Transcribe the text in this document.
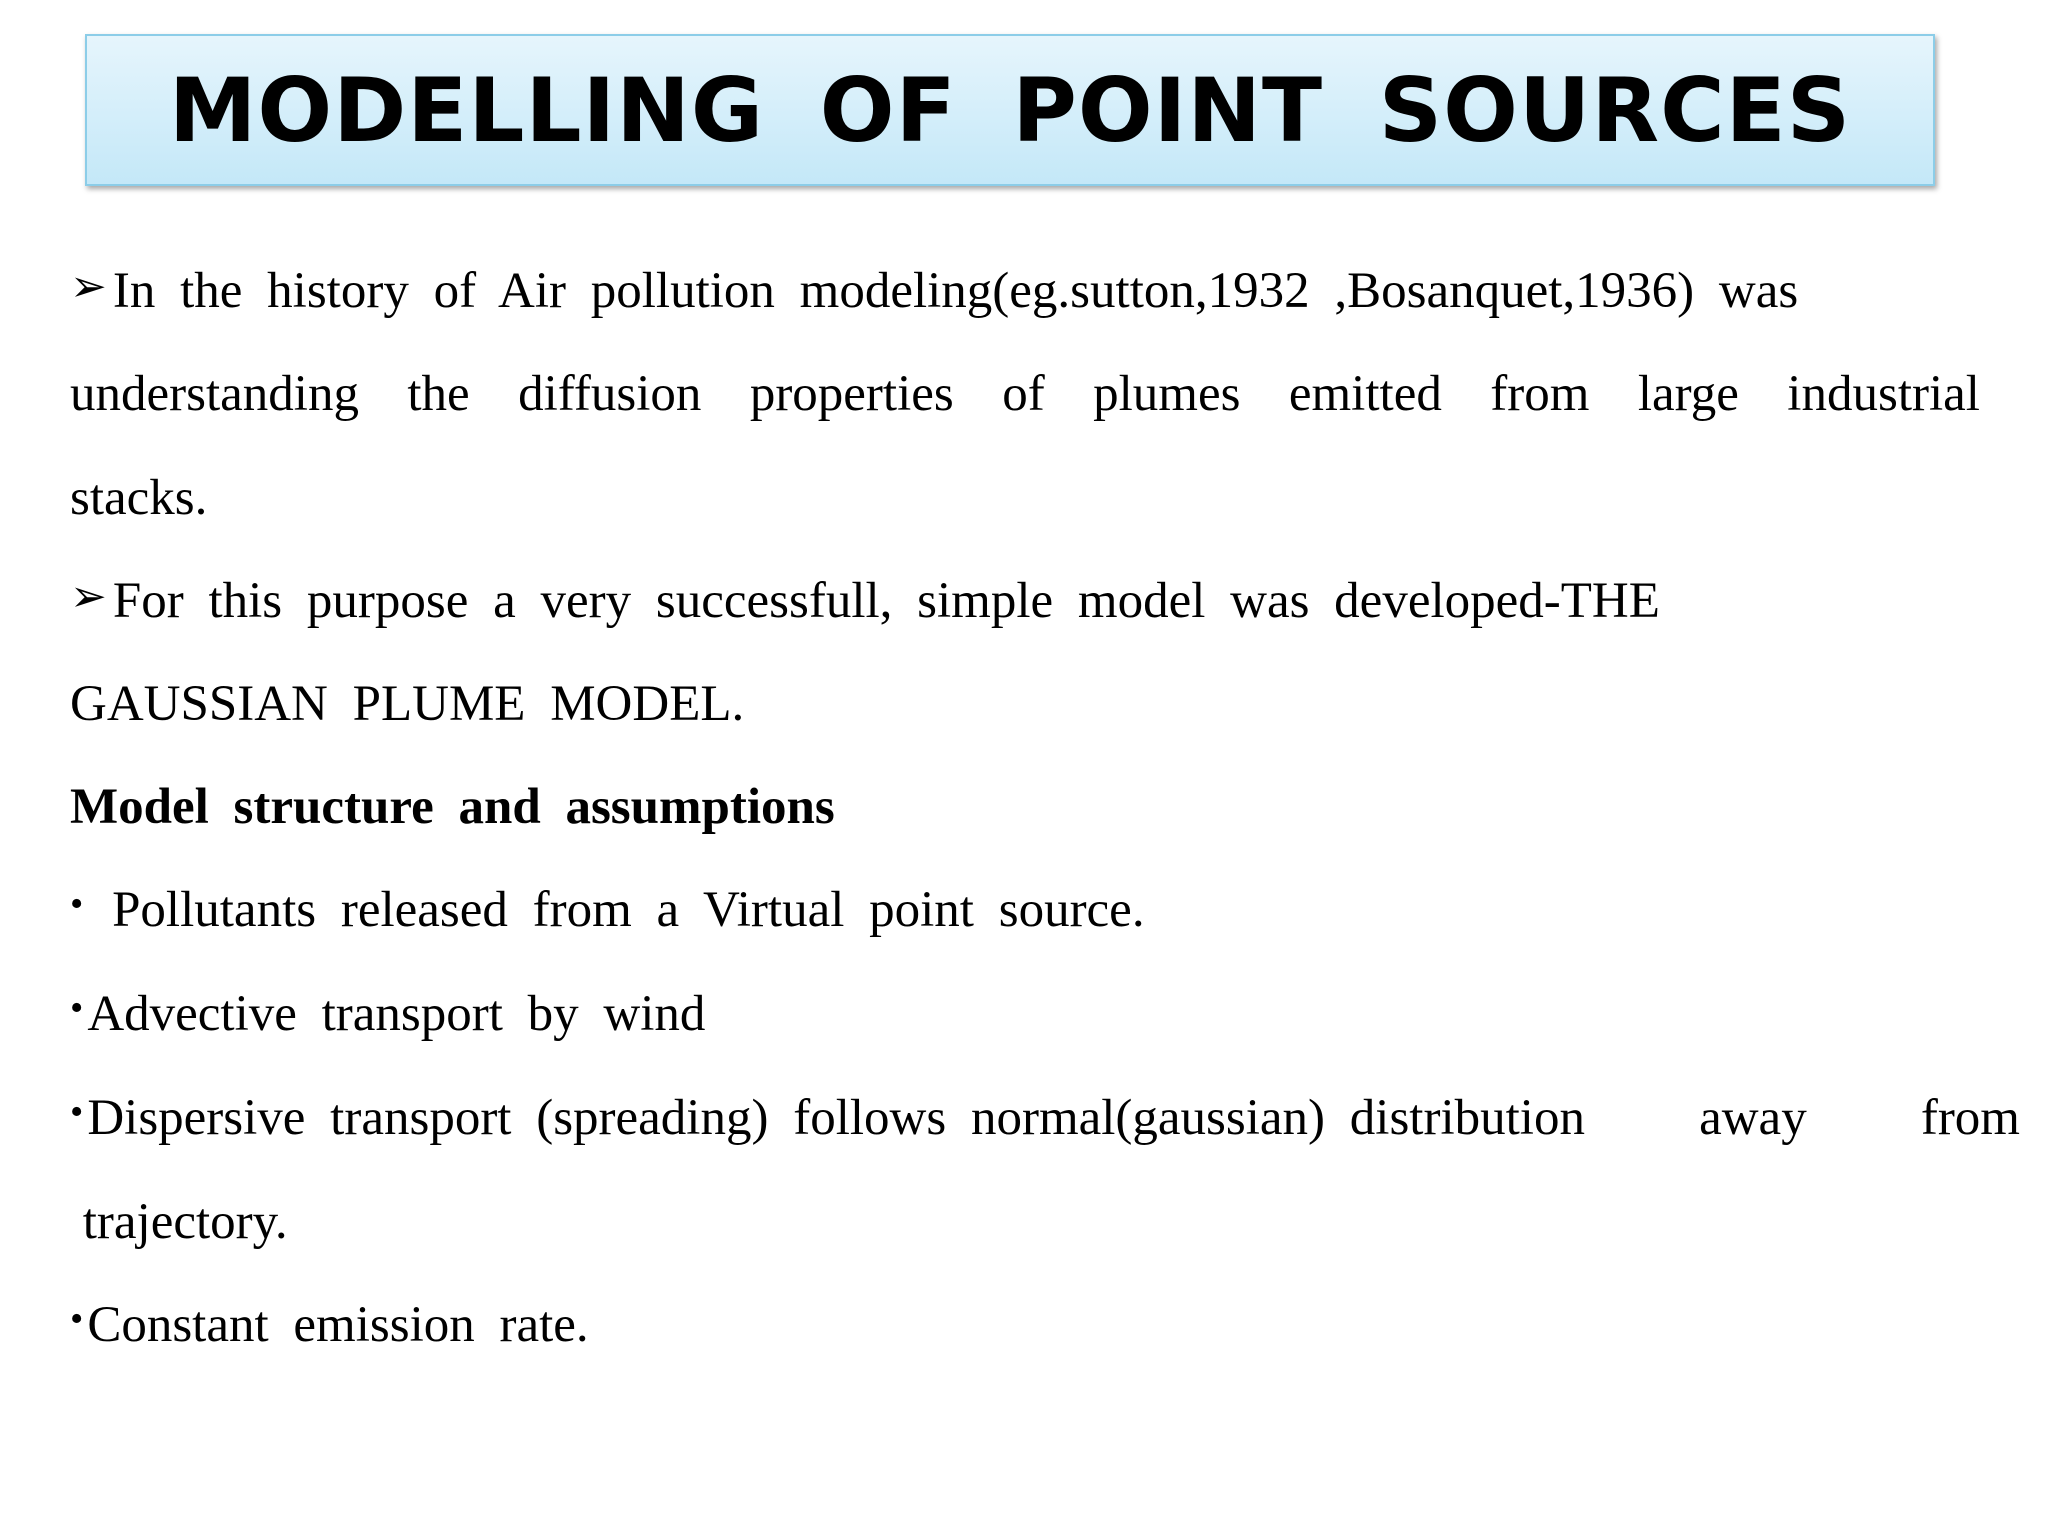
MODELLING OF POINT SOURCES
➢ In the history of Air pollution modeling(eg.sutton,1932 ,Bosanquet,1936) was
understanding the diffusion properties of plumes emitted from large industrial
stacks.
➢ For this purpose a very successfull, simple model was developed-THE
GAUSSIAN PLUME MODEL.
Model structure and assumptions
• Pollutants released from a Virtual point source.
•Advective transport by wind
•Dispersive transport (spreading) follows normal(gaussian) distribution away from
trajectory.
•Constant emission rate.
